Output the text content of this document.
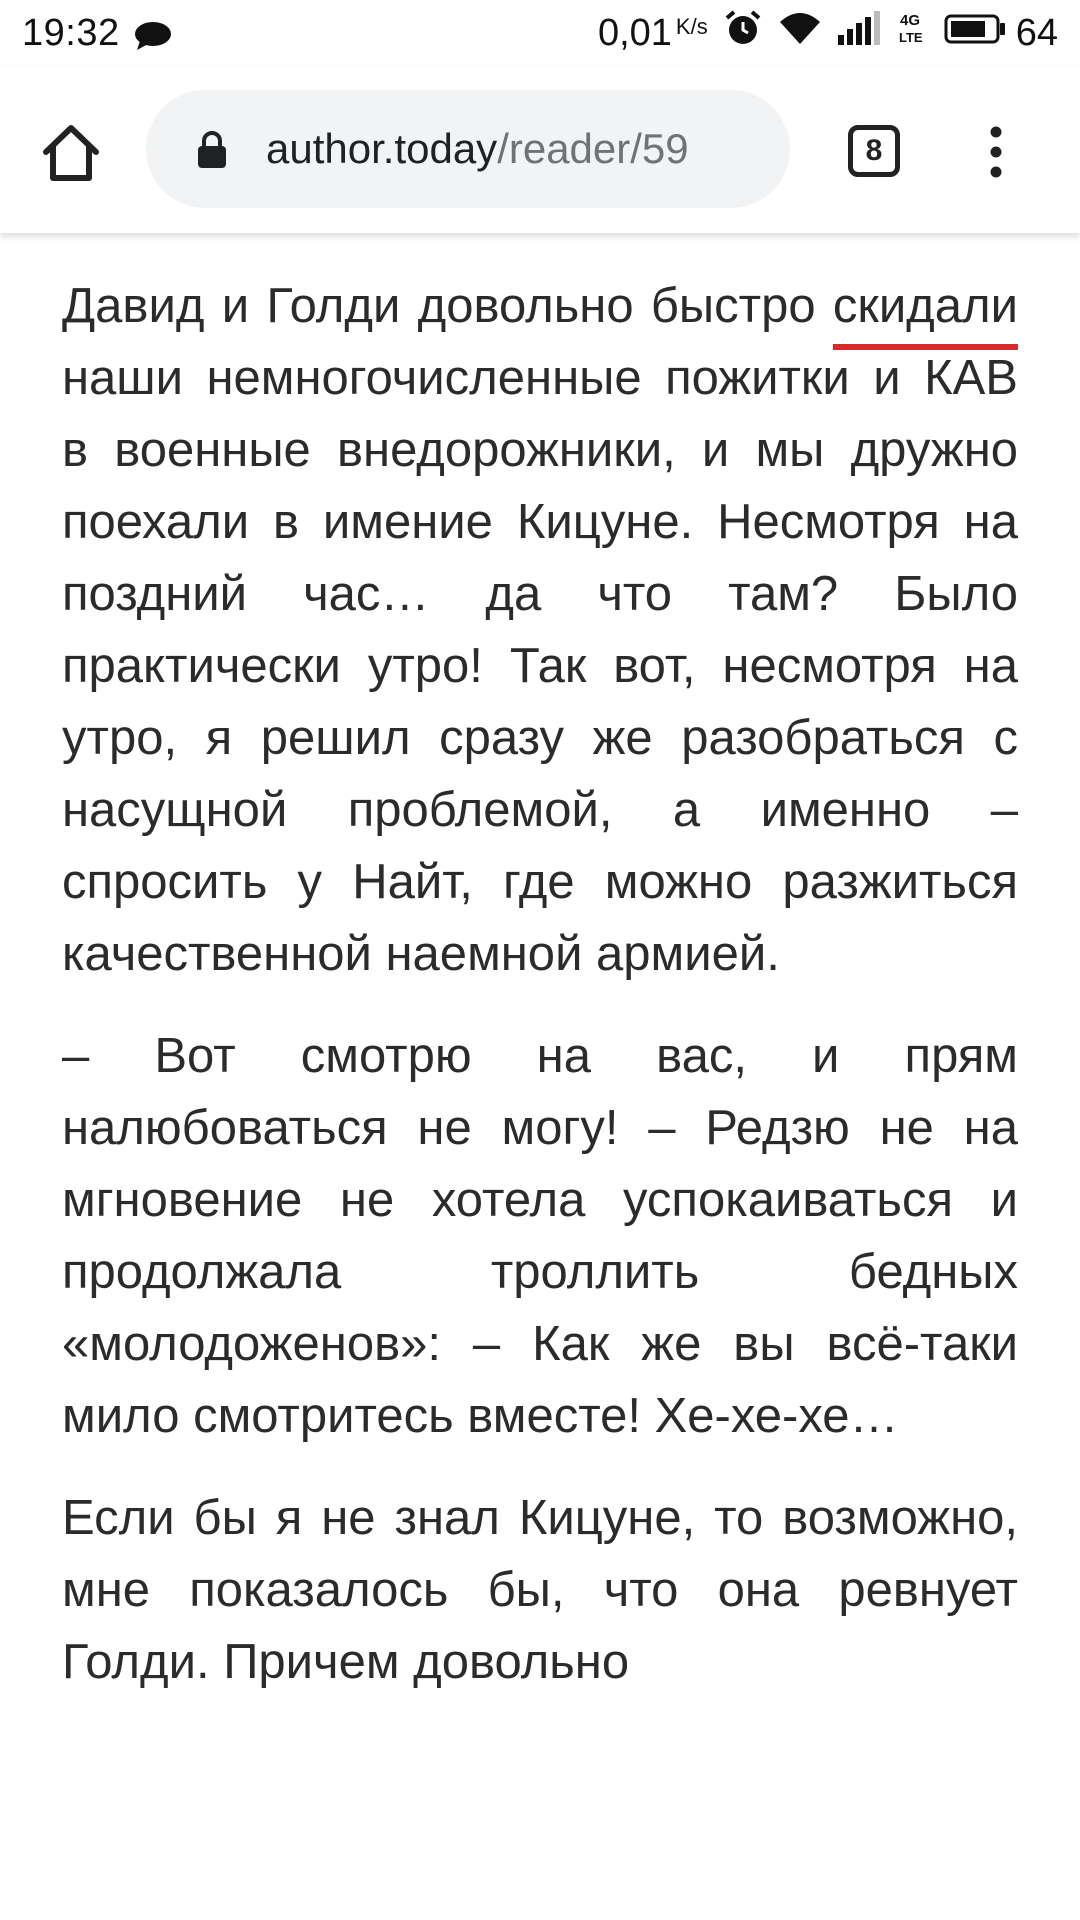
19:32	0,01 K/s	4G
LTE 64
author.today/reader/59	8

Давид и Голди довольно быстро скидали наши немногочисленные пожитки и КАВ в военные внедорожники, и мы дружно поехали в имение Кицуне. Несмотря на поздний час… да что там? Было практически утро! Так вот, несмотря на утро, я решил сразу же разобраться с насущной проблемой, а именно – спросить у Найт, где можно разжиться качественной наемной армией.

– Вот смотрю на вас, и прям налюбоваться не могу! – Редзю не на мгновение не хотела успокаиваться и продолжала троллить бедных «молодоженов»: – Как же вы всё-таки мило смотритесь вместе! Хе-хе-хе…

Если бы я не знал Кицуне, то возможно, мне показалось бы, что она ревнует Голди. Причем довольно
